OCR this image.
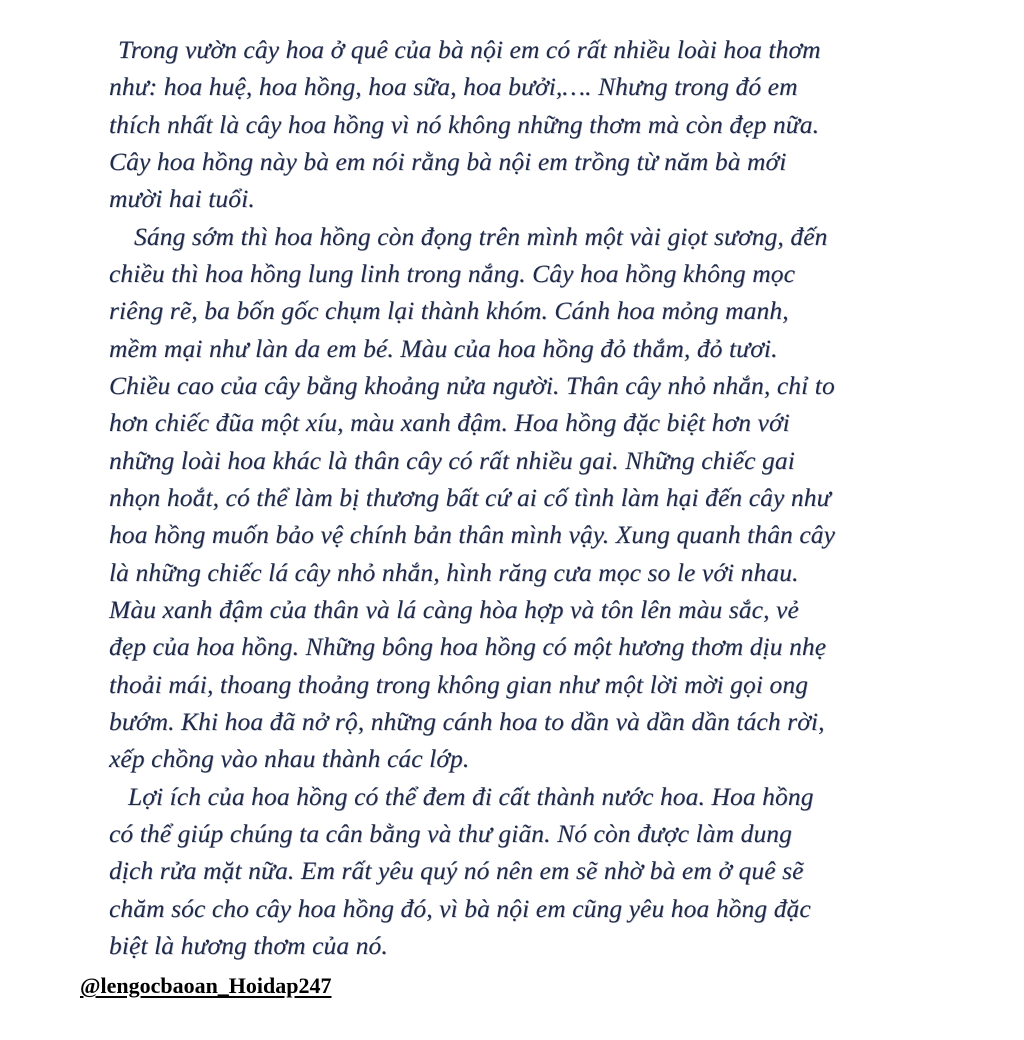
Trong vườn cây hoa ở quê của bà nội em có rất nhiều loài hoa thơm
như: hoa huệ, hoa hồng, hoa sữa, hoa bưởi,…. Nhưng trong đó em
thích nhất là cây hoa hồng vì nó không những thơm mà còn đẹp nữa.
Cây hoa hồng này bà em nói rằng bà nội em trồng từ năm bà mới
mười hai tuổi.
Sáng sớm thì hoa hồng còn đọng trên mình một vài giọt sương, đến
chiều thì hoa hồng lung linh trong nắng. Cây hoa hồng không mọc
riêng rẽ, ba bốn gốc chụm lại thành khóm. Cánh hoa mỏng manh,
mềm mại như làn da em bé. Màu của hoa hồng đỏ thắm, đỏ tươi.
Chiều cao của cây bằng khoảng nửa người. Thân cây nhỏ nhắn, chỉ to
hơn chiếc đũa một xíu, màu xanh đậm. Hoa hồng đặc biệt hơn với
những loài hoa khác là thân cây có rất nhiều gai. Những chiếc gai
nhọn hoắt, có thể làm bị thương bất cứ ai cố tình làm hại đến cây như
hoa hồng muốn bảo vệ chính bản thân mình vậy. Xung quanh thân cây
là những chiếc lá cây nhỏ nhắn, hình răng cưa mọc so le với nhau.
Màu xanh đậm của thân và lá càng hòa hợp và tôn lên màu sắc, vẻ
đẹp của hoa hồng. Những bông hoa hồng có một hương thơm dịu nhẹ
thoải mái, thoang thoảng trong không gian như một lời mời gọi ong
bướm. Khi hoa đã nở rộ, những cánh hoa to dần và dần dần tách rời,
xếp chồng vào nhau thành các lớp.
Lợi ích của hoa hồng có thể đem đi cất thành nước hoa. Hoa hồng
có thể giúp chúng ta cân bằng và thư giãn. Nó còn được làm dung
dịch rửa mặt nữa. Em rất yêu quý nó nên em sẽ nhờ bà em ở quê sẽ
chăm sóc cho cây hoa hồng đó, vì bà nội em cũng yêu hoa hồng đặc
biệt là hương thơm của nó.
@lengocbaoan_Hoidap247
